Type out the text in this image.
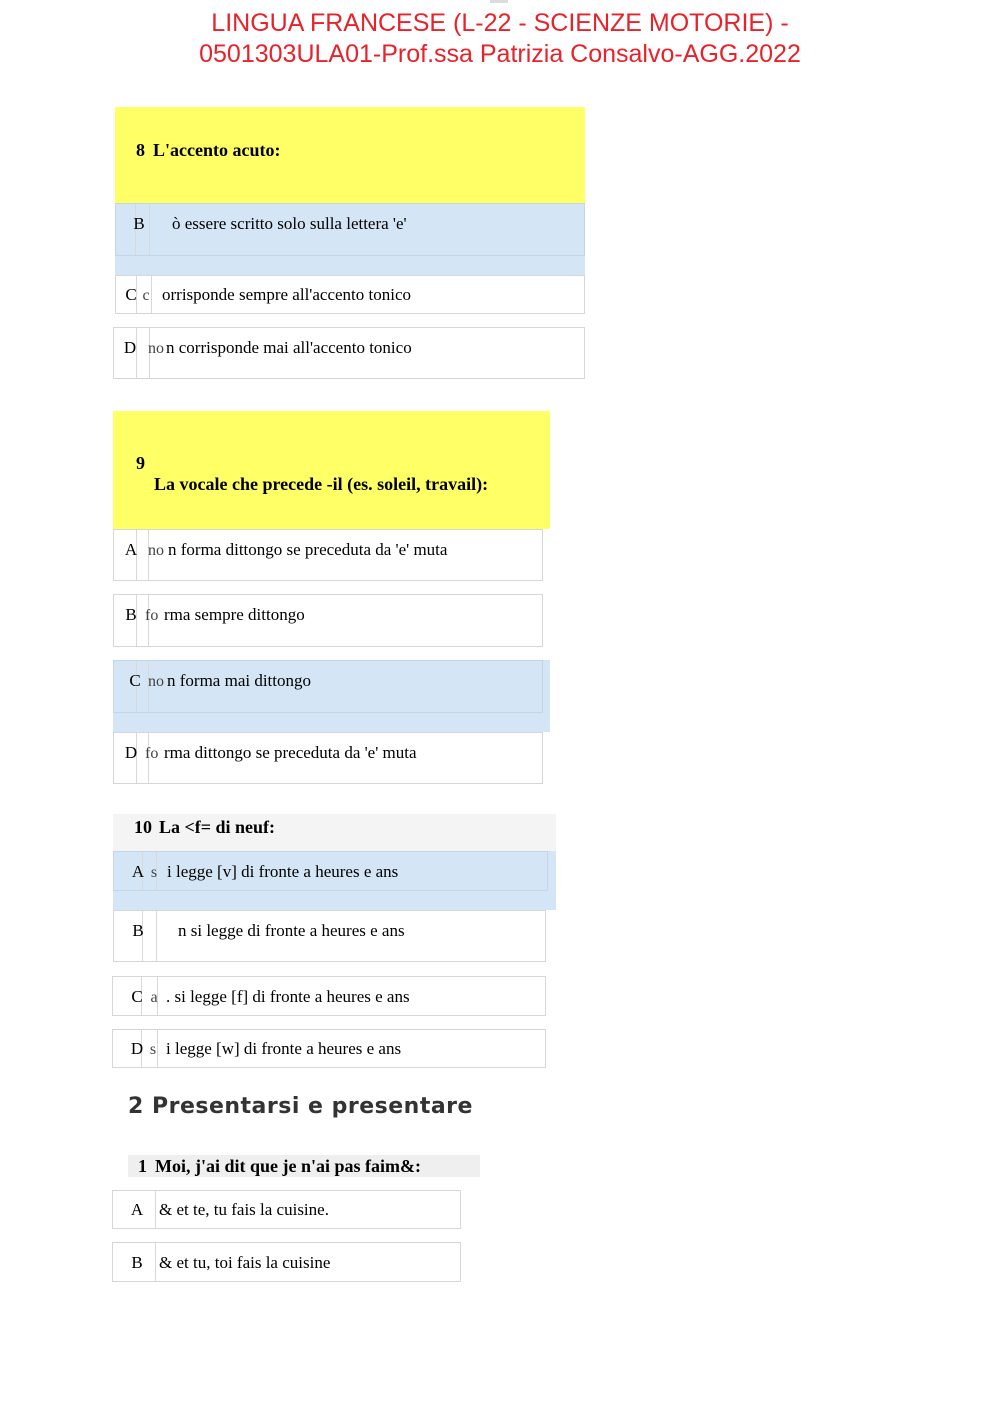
LINGUA FRANCESE (L-22 - SCIENZE MOTORIE) -
0501303ULA01-Prof.ssa Patrizia Consalvo-AGG.2022
8 L'accento acuto:
B ò essere scritto solo sulla lettera 'e'
C c orrisponde sempre all'accento tonico
D no n corrisponde mai all'accento tonico
9
La vocale che precede -il (es. soleil, travail):
A no n forma dittongo se preceduta da 'e' muta
B fo rma sempre dittongo
C no n forma mai dittongo
D fo rma dittongo se preceduta da 'e' muta
10 La <f= di neuf:
A s i legge [v] di fronte a heures e ans
B n si legge di fronte a heures e ans
C a . si legge [f] di fronte a heures e ans
D s i legge [w] di fronte a heures e ans
2 Presentarsi e presentare
1 Moi, j'ai dit que je n'ai pas faim&:
A & et te, tu fais la cuisine.
B & et tu, toi fais la cuisine
